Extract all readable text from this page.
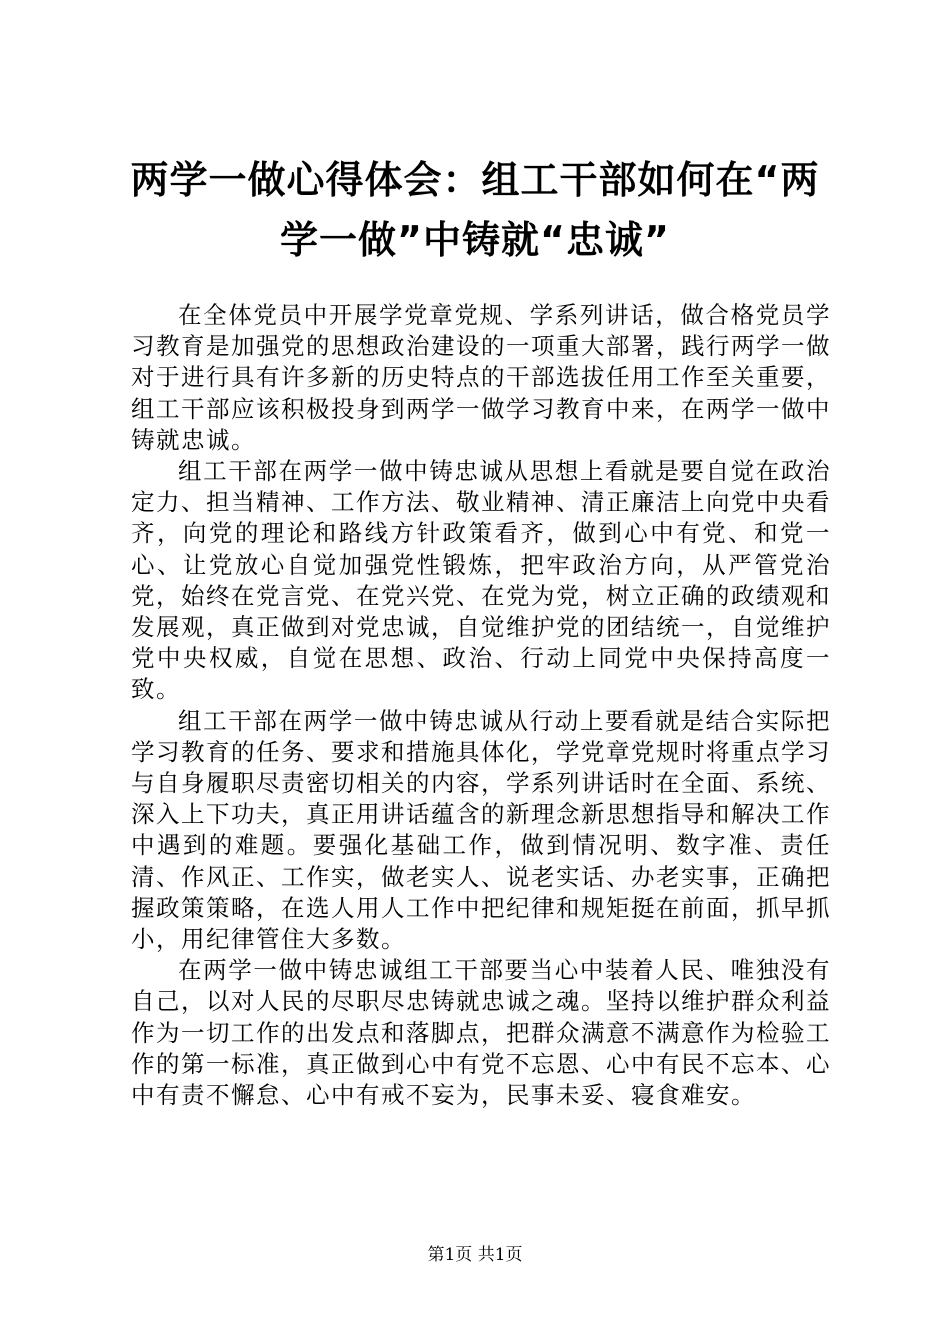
两学一做心得体会：组工干部如何在“两学一做”中铸就“忠诚”

在全体党员中开展学党章党规、学系列讲话，做合格党员学习教育是加强党的思想政治建设的一项重大部署，践行两学一做对于进行具有许多新的历史特点的干部选拔任用工作至关重要，组工干部应该积极投身到两学一做学习教育中来，在两学一做中铸就忠诚。

组工干部在两学一做中铸忠诚从思想上看就是要自觉在政治定力、担当精神、工作方法、敬业精神、清正廉洁上向党中央看齐，向党的理论和路线方针政策看齐，做到心中有党、和党一心、让党放心自觉加强党性锻炼，把牢政治方向，从严管党治党，始终在党言党、在党兴党、在党为党，树立正确的政绩观和发展观，真正做到对党忠诚，自觉维护党的团结统一，自觉维护党中央权威，自觉在思想、政治、行动上同党中央保持高度一致。

组工干部在两学一做中铸忠诚从行动上要看就是结合实际把学习教育的任务、要求和措施具体化，学党章党规时将重点学习与自身履职尽责密切相关的内容，学系列讲话时在全面、系统、深入上下功夫，真正用讲话蕴含的新理念新思想指导和解决工作中遇到的难题。要强化基础工作，做到情况明、数字准、责任清、作风正、工作实，做老实人、说老实话、办老实事，正确把握政策策略，在选人用人工作中把纪律和规矩挺在前面，抓早抓小，用纪律管住大多数。

在两学一做中铸忠诚组工干部要当心中装着人民、唯独没有自己，以对人民的尽职尽忠铸就忠诚之魂。坚持以维护群众利益作为一切工作的出发点和落脚点，把群众满意不满意作为检验工作的第一标准，真正做到心中有党不忘恩、心中有民不忘本、心中有责不懈怠、心中有戒不妄为，民事未妥、寝食难安。

第1页 共1页
